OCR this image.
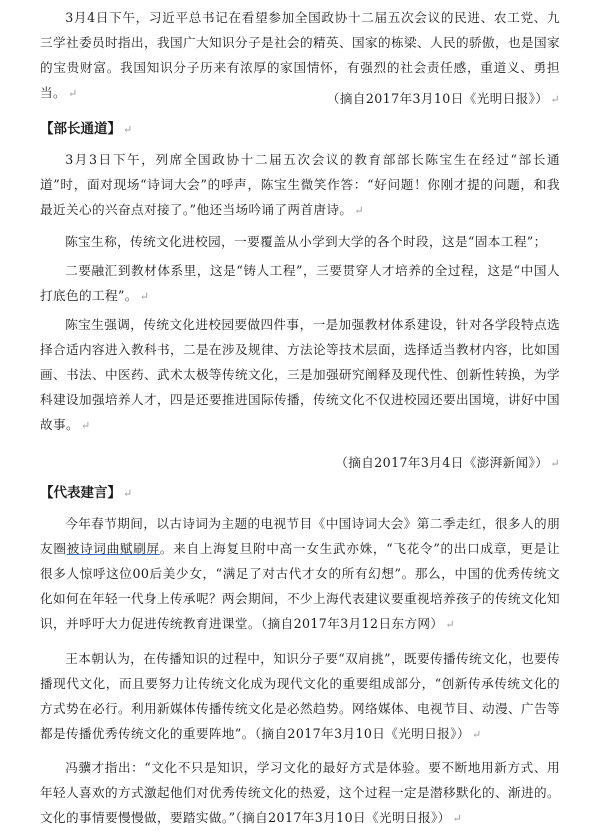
3月4日下午，习近平总书记在看望参加全国政协十二届五次会议的民进、农工党、九三学社委员时指出，我国广大知识分子是社会的精英、国家的栋梁、人民的骄傲，也是国家的宝贵财富。我国知识分子历来有浓厚的家国情怀，有强烈的社会责任感，重道义、勇担当。 ↵	（摘自2017年3月10日《光明日报》） ↵

【部长通道】 ↵

3月3日下午，列席全国政协十二届五次会议的教育部部长陈宝生在经过“部长通道”时，面对现场“诗词大会”的呼声，陈宝生微笑作答：“好问题！你刚才提的问题，和我最近关心的兴奋点对接了。”他还当场吟诵了两首唐诗。 ↵

陈宝生称，传统文化进校园，一要覆盖从小学到大学的各个时段，这是“固本工程”；

二要融汇到教材体系里，这是“铸人工程”，三要贯穿人才培养的全过程，这是“中国人打底色的工程”。 ↵

陈宝生强调，传统文化进校园要做四件事，一是加强教材体系建设，针对各学段特点选择合适内容进入教科书，二是在涉及规律、方法论等技术层面，选择适当教材内容，比如国画、书法、中医药、武术太极等传统文化，三是加强研究阐释及现代性、创新性转换，为学科建设加强培养人才，四是还要推进国际传播，传统文化不仅进校园还要出国境，讲好中国故事。 ↵

（摘自2017年3月4日《澎湃新闻》） ↵

【代表建言】 ↵

今年春节期间，以古诗词为主题的电视节目《中国诗词大会》第二季走红，很多人的朋友圈被诗词曲赋刷屏。来自上海复旦附中高一女生武亦姝，“飞花令”的出口成章，更是让很多人惊呼这位00后美少女，“满足了对古代才女的所有幻想”。那么，中国的优秀传统文化如何在年轻一代身上传承呢？两会期间，不少上海代表建议要重视培养孩子的传统文化知识，并呼吁大力促进传统教育进课堂。（摘自2017年3月12日东方网） ↵

王本朝认为，在传播知识的过程中，知识分子要“双肩挑”，既要传播传统文化，也要传播现代文化，而且要努力让传统文化成为现代文化的重要组成部分，“创新传承传统文化的方式势在必行。利用新媒体传播传统文化是必然趋势。网络媒体、电视节目、动漫、广告等都是传播优秀传统文化的重要阵地”。（摘自2017年3月10日《光明日报》） ↵

冯骥才指出：“文化不只是知识，学习文化的最好方式是体验。要不断地用新方式、用年轻人喜欢的方式激起他们对优秀传统文化的热爱，这个过程一定是潜移默化的、渐进的。文化的事情要慢慢做，要踏实做。”（摘自2017年3月10日《光明日报》） ↵
